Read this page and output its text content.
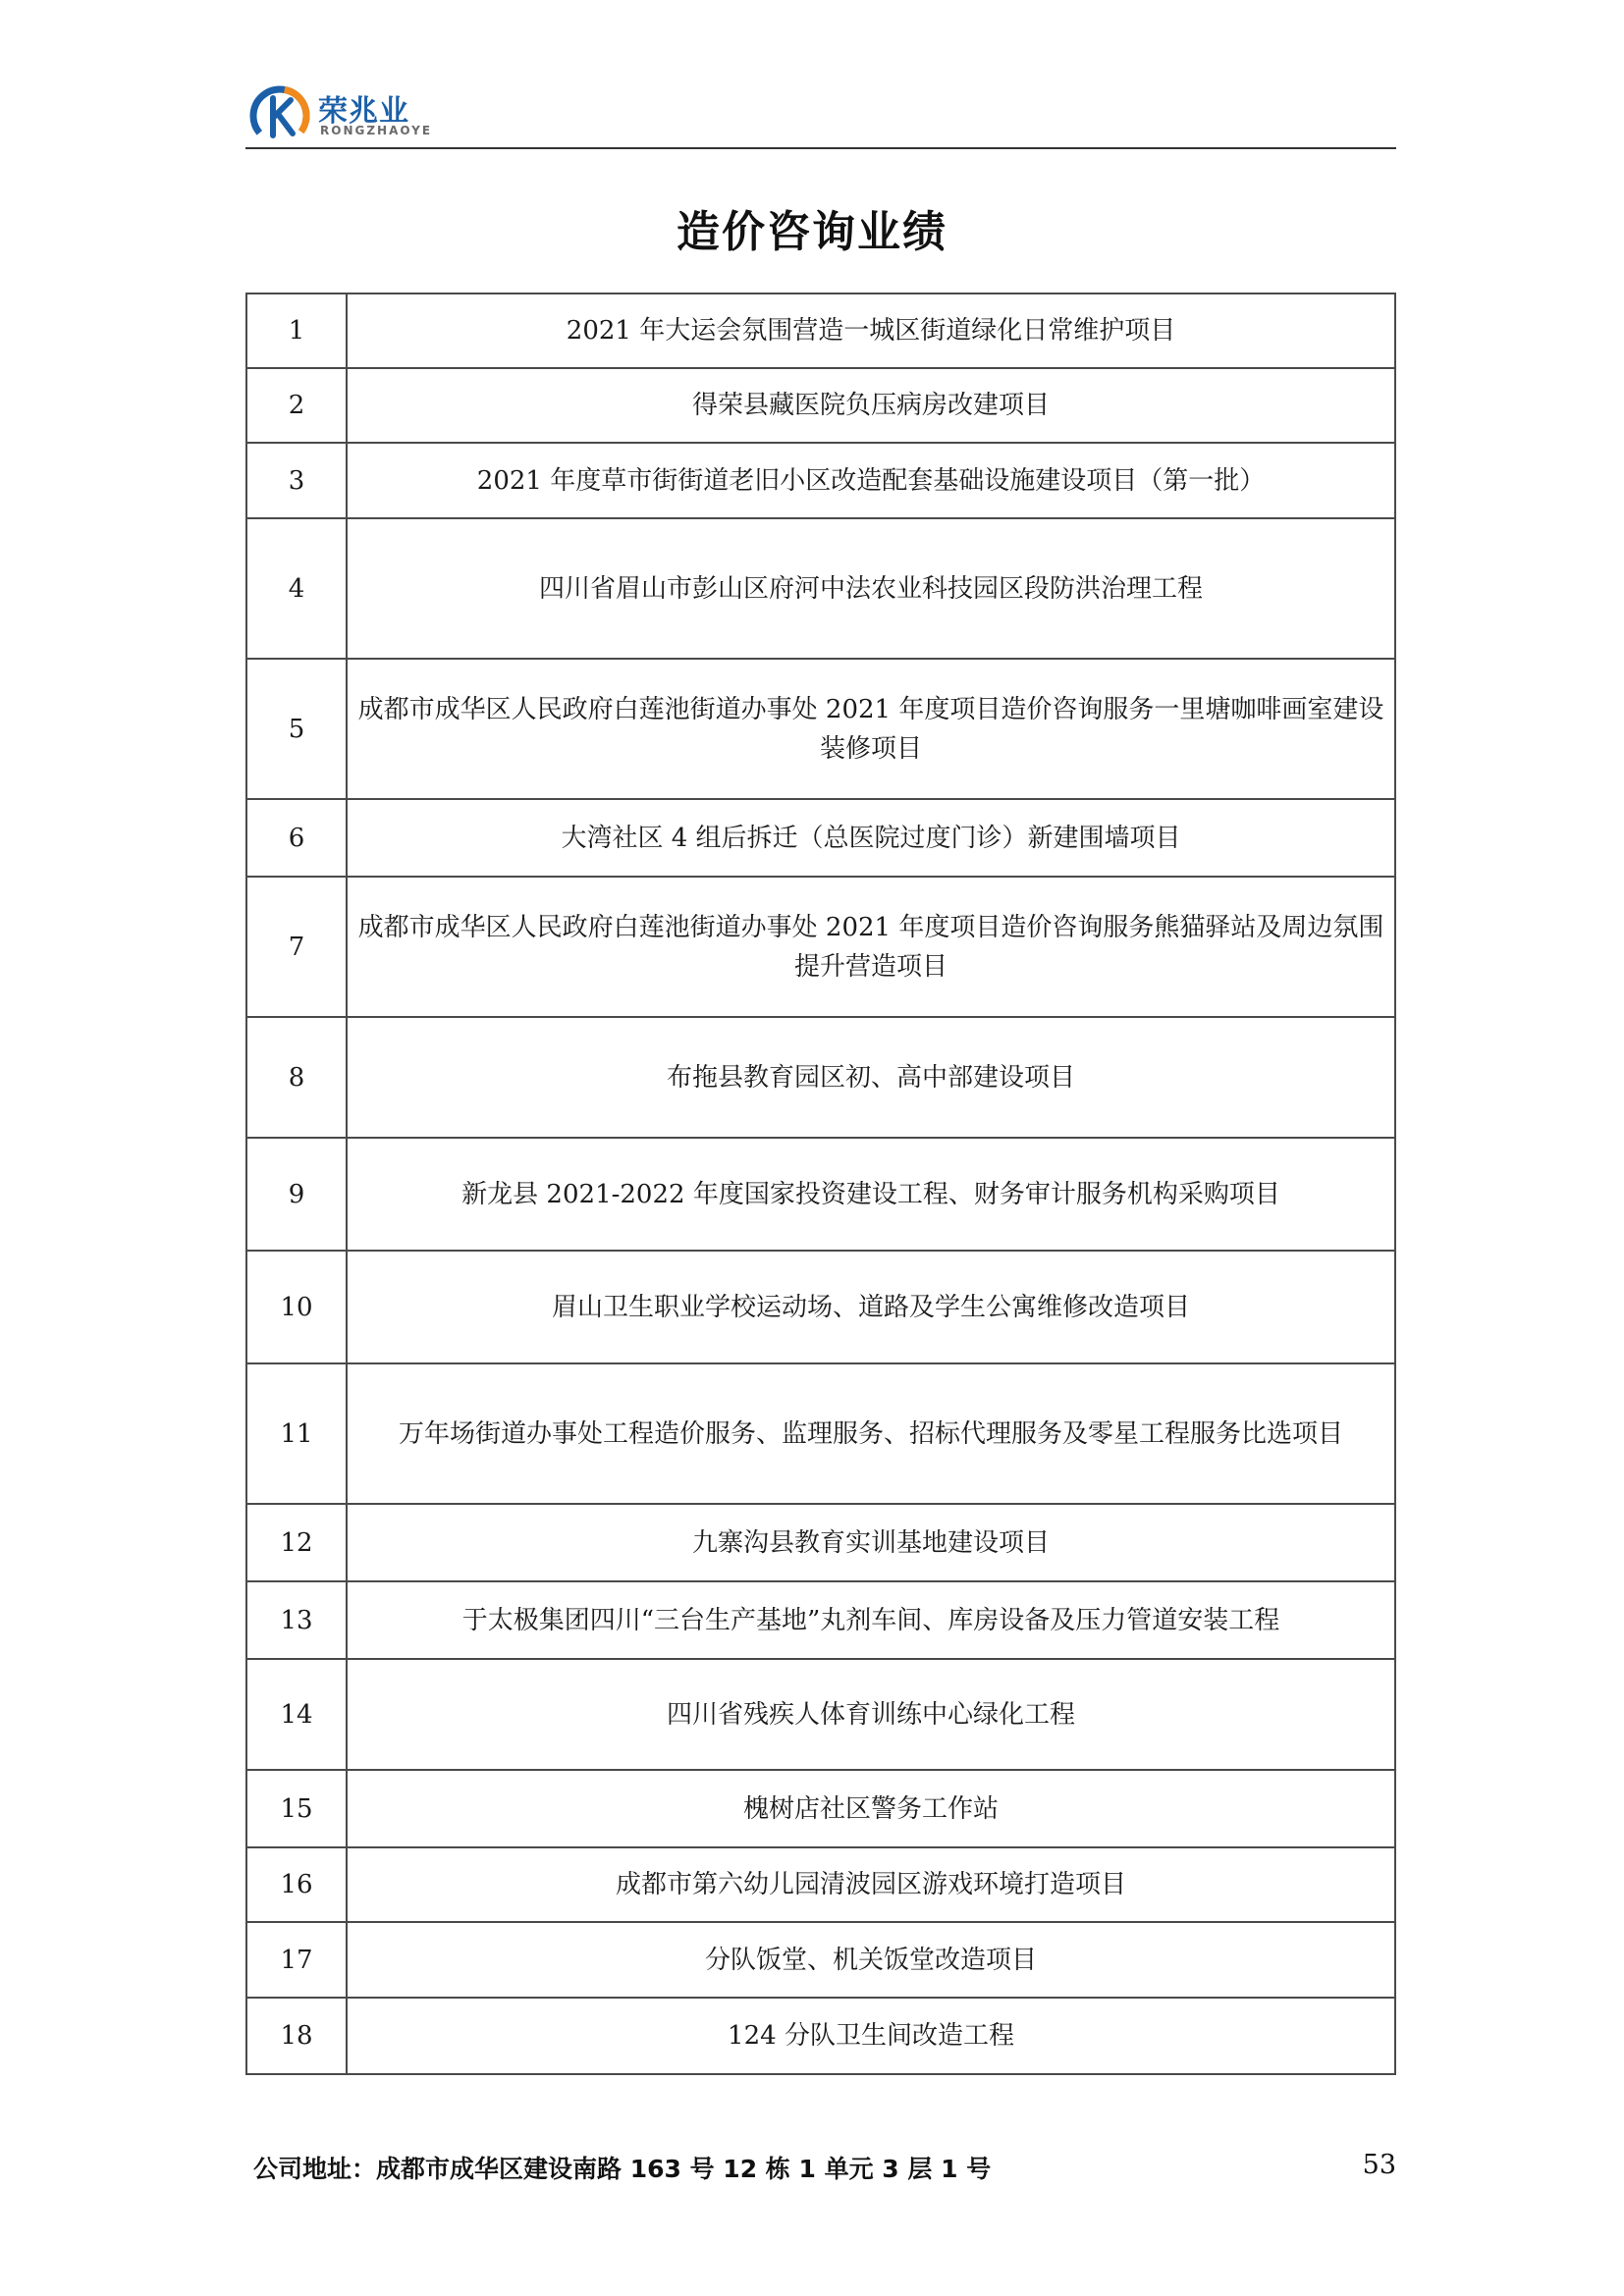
荣兆业
RONGZHAOYE
造价咨询业绩
1	2021 年大运会氛围营造一城区街道绿化日常维护项目
2	得荣县藏医院负压病房改建项目
3	2021 年度草市街街道老旧小区改造配套基础设施建设项目（第一批）
4	四川省眉山市彭山区府河中法农业科技园区段防洪治理工程
5	成都市成华区人民政府白莲池街道办事处 2021 年度项目造价咨询服务一里塘咖啡画室建设装修项目
6	大湾社区 4 组后拆迁（总医院过度门诊）新建围墙项目
7	成都市成华区人民政府白莲池街道办事处 2021 年度项目造价咨询服务熊猫驿站及周边氛围提升营造项目
8	布拖县教育园区初、高中部建设项目
9	新龙县 2021-2022 年度国家投资建设工程、财务审计服务机构采购项目
10	眉山卫生职业学校运动场、道路及学生公寓维修改造项目
11	万年场街道办事处工程造价服务、监理服务、招标代理服务及零星工程服务比选项目
12	九寨沟县教育实训基地建设项目
13	于太极集团四川“三台生产基地”丸剂车间、库房设备及压力管道安装工程
14	四川省残疾人体育训练中心绿化工程
15	槐树店社区警务工作站
16	成都市第六幼儿园清波园区游戏环境打造项目
17	分队饭堂、机关饭堂改造项目
18	124 分队卫生间改造工程
公司地址：成都市成华区建设南路 163 号 12 栋 1 单元 3 层 1 号	53
